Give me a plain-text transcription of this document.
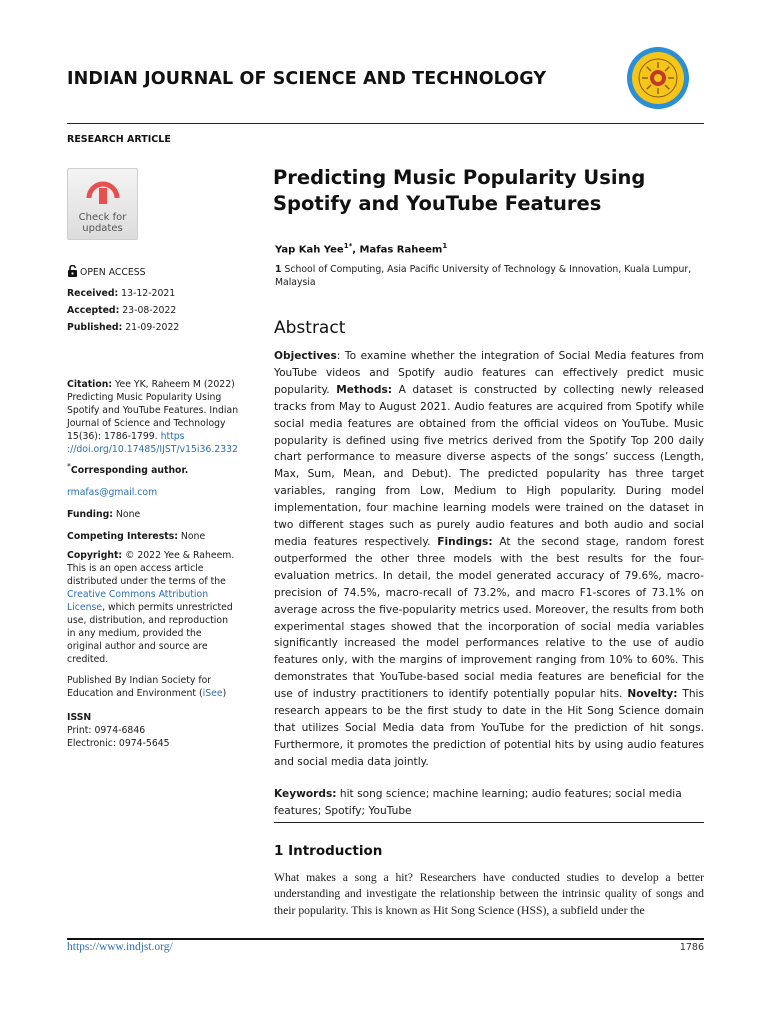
INDIAN JOURNAL OF SCIENCE AND TECHNOLOGY
RESEARCH ARTICLE
Check for
updates
OPEN ACCESS
Received: 13-12-2021
Accepted: 23-08-2022
Published: 21-09-2022
Citation: Yee YK, Raheem M (2022) Predicting Music Popularity Using Spotify and YouTube Features. Indian Journal of Science and Technology 15(36): 1786-1799. https ://doi.org/10.17485/IJST/v15i36.2332
*Corresponding author.
rmafas@gmail.com
Funding: None
Competing Interests: None
Copyright: © 2022 Yee & Raheem. This is an open access article distributed under the terms of the Creative Commons Attribution License, which permits unrestricted use, distribution, and reproduction in any medium, provided the original author and source are credited.
Published By Indian Society for Education and Environment (iSee)
ISSN
Print: 0974-6846
Electronic: 0974-5645
Predicting Music Popularity Using
Spotify and YouTube Features
Yap Kah Yee$^{1*}$, Mafas Raheem$^1$
1 School of Computing, Asia Pacific University of Technology & Innovation, Kuala Lumpur, Malaysia
Abstract
Objectives: To examine whether the integration of Social Media features from YouTube videos and Spotify audio features can effectively predict music popularity. Methods: A dataset is constructed by collecting newly released tracks from May to August 2021. Audio features are acquired from Spotify while social media features are obtained from the official videos on YouTube. Music popularity is defined using five metrics derived from the Spotify Top 200 daily chart performance to measure diverse aspects of the songs’ success (Length, Max, Sum, Mean, and Debut). The predicted popularity has three target variables, ranging from Low, Medium to High popularity. During model implementation, four machine learning models were trained on the dataset in two different stages such as purely audio features and both audio and social media features respectively. Findings: At the second stage, random forest outperformed the other three models with the best results for the four-evaluation metrics. In detail, the model generated accuracy of 79.6%, macro-precision of 74.5%, macro-recall of 73.2%, and macro F1-scores of 73.1% on average across the five-popularity metrics used. Moreover, the results from both experimental stages showed that the incorporation of social media variables significantly increased the model performances relative to the use of audio features only, with the margins of improvement ranging from 10% to 60%. This demonstrates that YouTube-based social media features are beneficial for the use of industry practitioners to identify potentially popular hits. Novelty: This research appears to be the first study to date in the Hit Song Science domain that utilizes Social Media data from YouTube for the prediction of hit songs. Furthermore, it promotes the prediction of potential hits by using audio features and social media data jointly.
Keywords: hit song science; machine learning; audio features; social media features; Spotify; YouTube
1 Introduction
What makes a song a hit? Researchers have conducted studies to develop a better understanding and investigate the relationship between the intrinsic quality of songs and their popularity. This is known as Hit Song Science (HSS), a subfield under the
https://www.indjst.org/	1786
